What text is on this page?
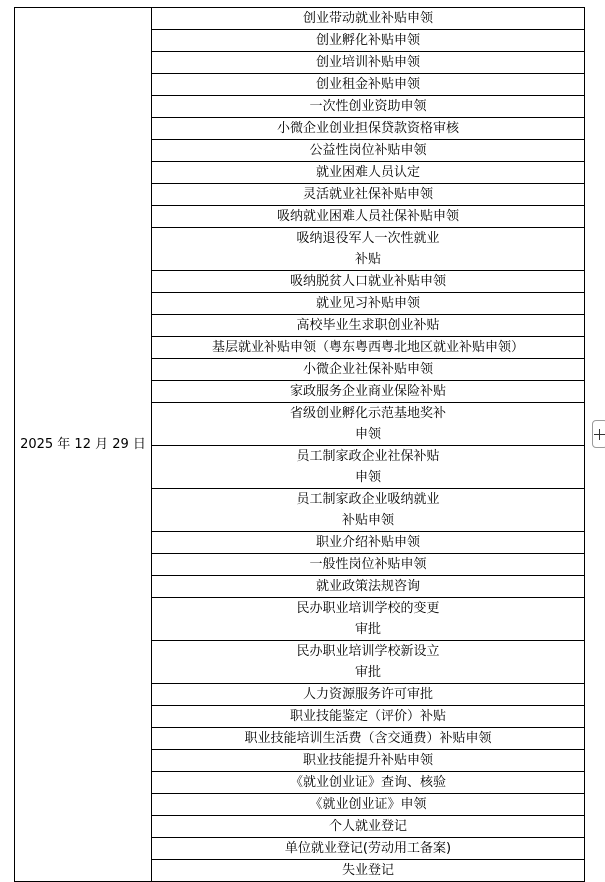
2025 年 12 月 29 日	
创业带动就业补贴申领

创业孵化补贴申领

创业培训补贴申领

创业租金补贴申领

一次性创业资助申领

小微企业创业担保贷款资格审核

公益性岗位补贴申领

就业困难人员认定

灵活就业社保补贴申领

吸纳就业困难人员社保补贴申领

吸纳退役军人一次性就业
补贴

吸纳脱贫人口就业补贴申领

就业见习补贴申领

高校毕业生求职创业补贴

基层就业补贴申领（粤东粤西粤北地区就业补贴申领）

小微企业社保补贴申领

家政服务企业商业保险补贴

省级创业孵化示范基地奖补
申领

员工制家政企业社保补贴
申领

员工制家政企业吸纳就业
补贴申领

职业介绍补贴申领

一般性岗位补贴申领

就业政策法规咨询

民办职业培训学校的变更
审批

民办职业培训学校新设立
审批

人力资源服务许可审批

职业技能鉴定（评价）补贴

职业技能培训生活费（含交通费）补贴申领

职业技能提升补贴申领

《就业创业证》查询、核验

《就业创业证》申领

个人就业登记

单位就业登记(劳动用工备案)

失业登记
